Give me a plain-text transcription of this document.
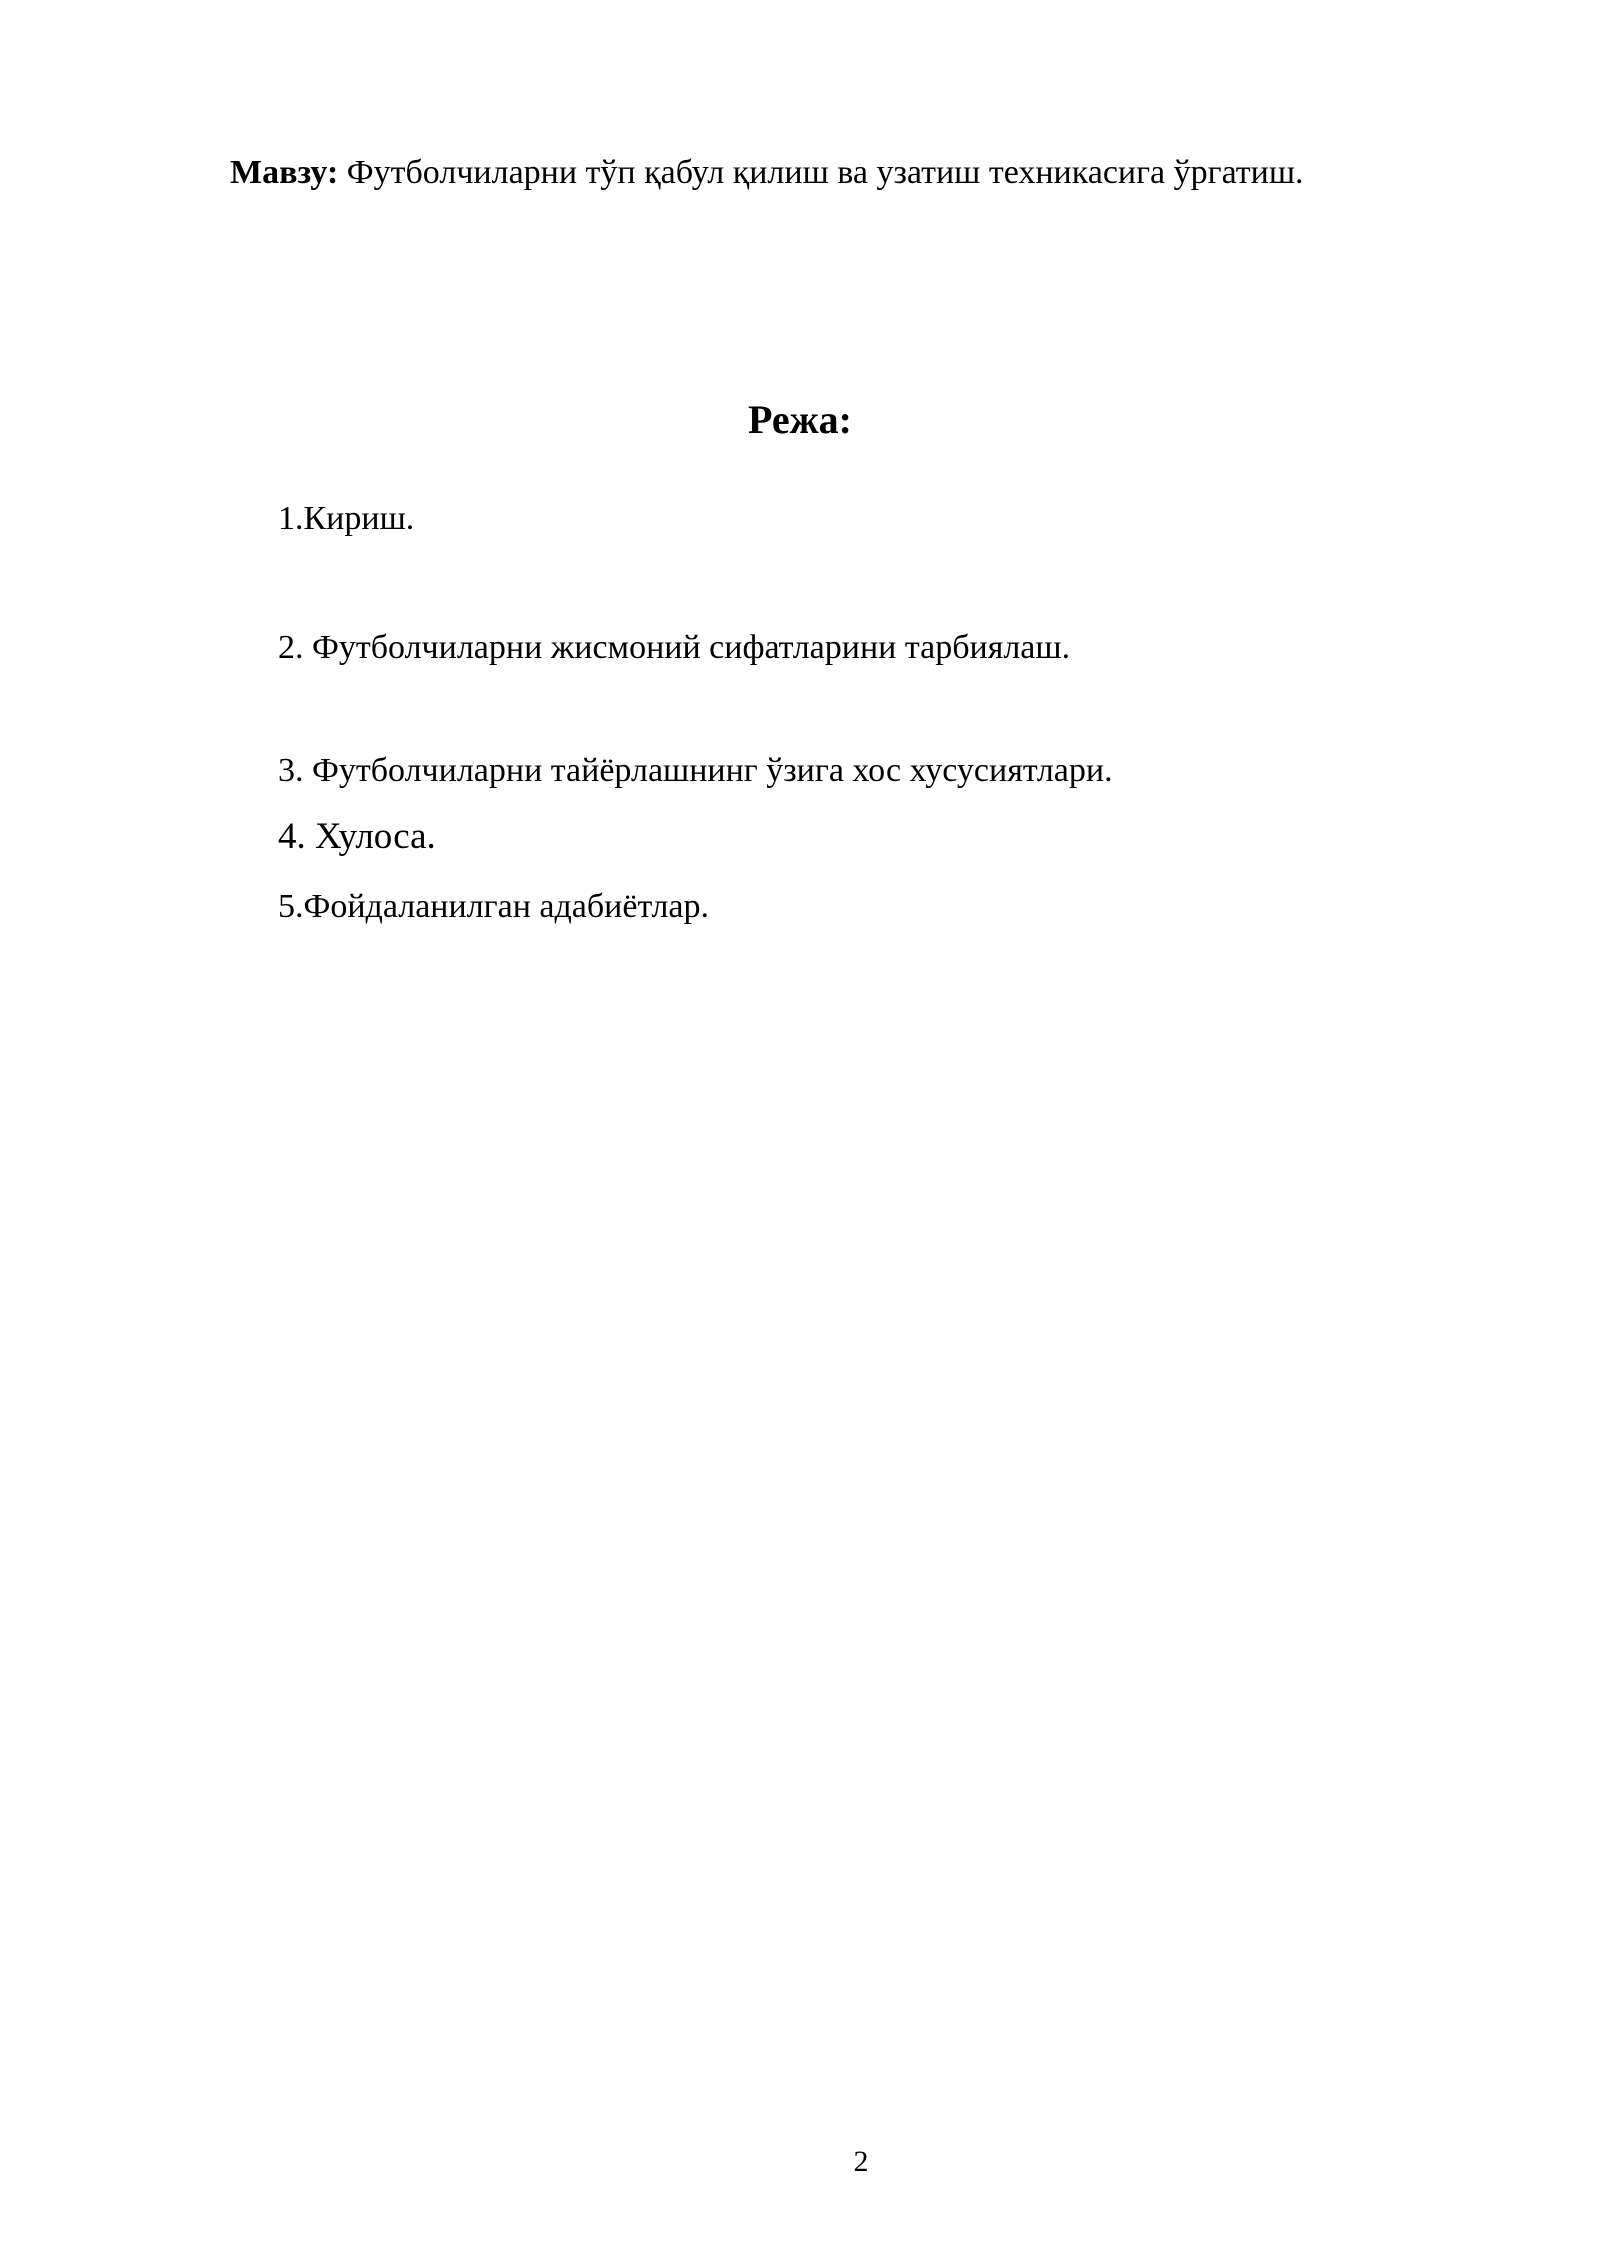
Мавзу: Футболчиларни тўп қабул қилиш ва узатиш техникасига ўргатиш.
Режа:
1.Кириш.
2. Футболчиларни жисмоний сифатларини тарбиялаш.
3. Футболчиларни тайёрлашнинг ўзига хос хусусиятлари.
4. Хулоса.
5.Фойдаланилган адабиётлар.
2
